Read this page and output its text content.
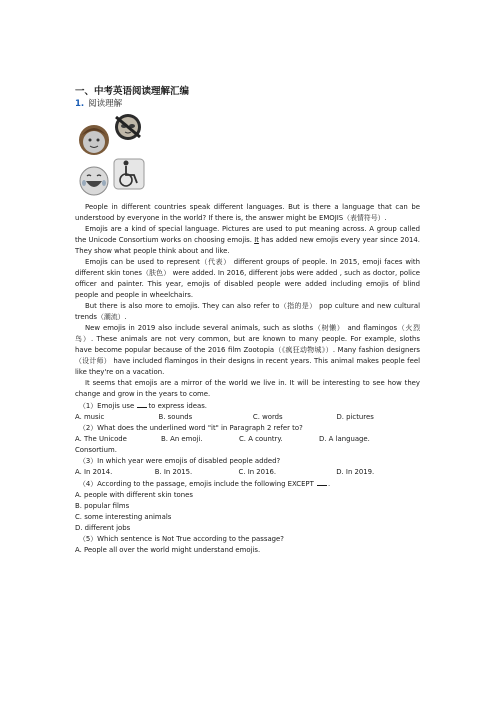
一、中考英语阅读理解汇编
1. 阅读理解

People in different countries speak different languages. But is there a language that can be understood by everyone in the world? If there is, the answer might be EMOJIS（表情符号）.

Emojis are a kind of special language. Pictures are used to put meaning across. A group called the Unicode Consortium works on choosing emojis. It has added new emojis every year since 2014. They show what people think about and like.

Emojis can be used to represent（代表） different groups of people. In 2015, emoji faces with different skin tones（肤色） were added. In 2016, different jobs were added , such as doctor, police officer and painter. This year, emojis of disabled people were added including emojis of blind people and people in wheelchairs.

But there is also more to emojis. They can also refer to（指的是） pop culture and new cultural trends（潮流）.

New emojis in 2019 also include several animals, such as sloths（树懒） and flamingos（火烈鸟）. These animals are not very common, but are known to many people. For example, sloths have become popular because of the 2016 film Zootopia（《疯狂动物城》）. Many fashion designers（设计师） have included flamingos in their designs in recent years. This animal makes people feel like they're on a vacation.

It seems that emojis are a mirror of the world we live in. It will be interesting to see how they change and grow in the years to come.

（1）Emojis use to express ideas.
A. music	B. sounds	C. words	D. pictures
（2）What does the underlined word "it" in Paragraph 2 refer to?
A. The Unicode Consortium.
B. An emoji.	C. A country.	D. A language.
（3）In which year were emojis of disabled people added?
A. In 2014.	B. In 2015.	C. In 2016.	D. In 2019.
（4）According to the passage, emojis include the following EXCEPT .
A. people with different skin tones
B. popular films
C. some interesting animals
D. different jobs
（5）Which sentence is Not True according to the passage?
A. People all over the world might understand emojis.
